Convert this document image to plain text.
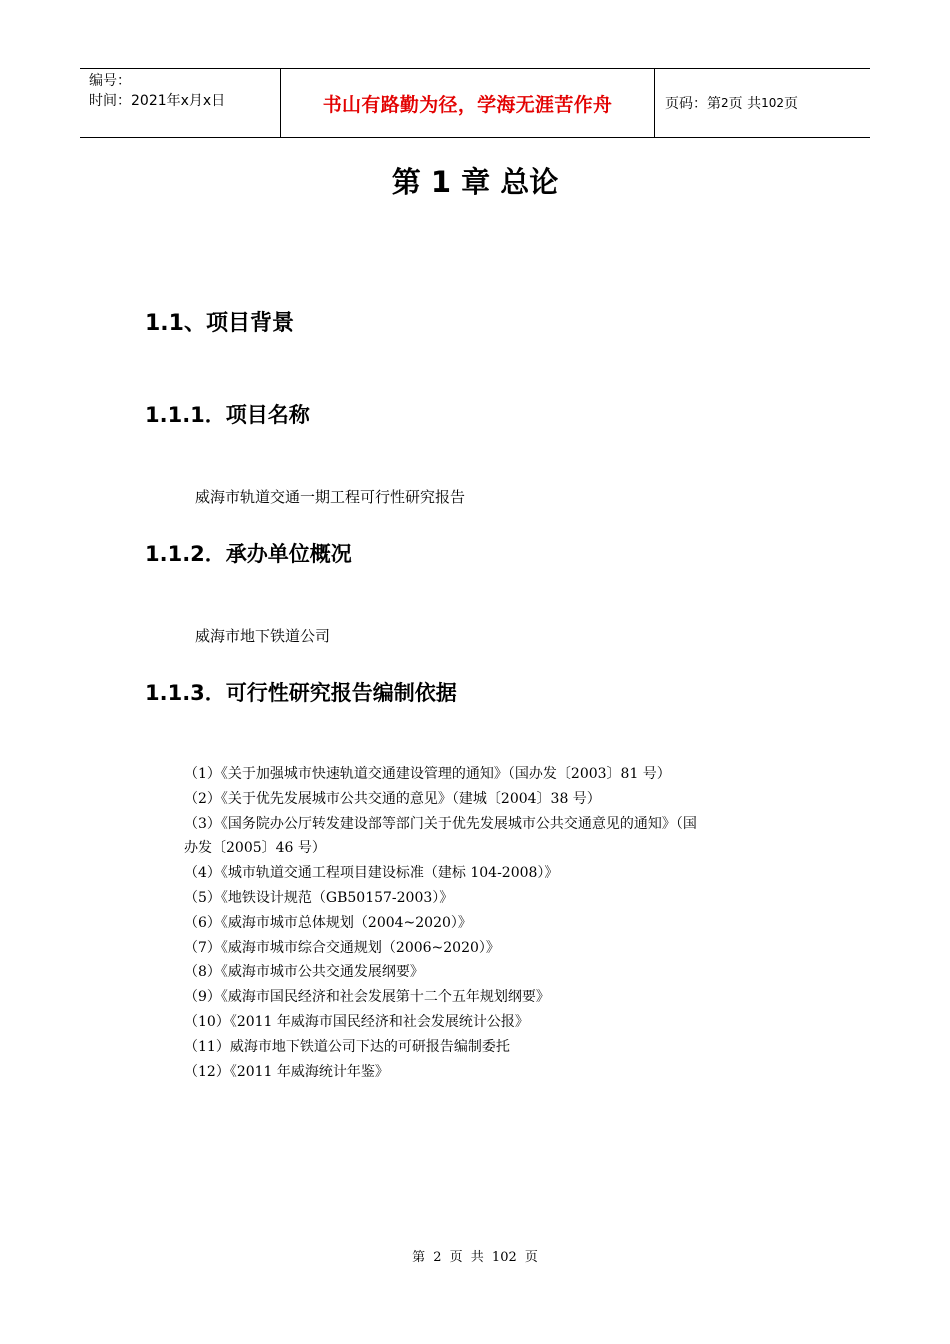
编号：
时间：2021年x月x日	书山有路勤为径，学海无涯苦作舟	页码：第 2 页 共 102 页
第 1 章 总论
1.1、项目背景
1.1.1．项目名称
威海市轨道交通一期工程可行性研究报告
1.1.2．承办单位概况
威海市地下铁道公司
1.1.3．可行性研究报告编制依据
（1）《关于加强城市快速轨道交通建设管理的通知》（国办发〔2003〕81 号）
（2）《关于优先发展城市公共交通的意见》（建城〔2004〕38 号）
（3）《国务院办公厅转发建设部等部门关于优先发展城市公共交通意见的通知》（国
办发〔2005〕46 号）
（4）《城市轨道交通工程项目建设标准（建标 104-2008）》
（5）《地铁设计规范（GB50157-2003）》
（6）《威海市城市总体规划（2004~2020）》
（7）《威海市城市综合交通规划（2006~2020）》
（8）《威海市城市公共交通发展纲要》
（9）《威海市国民经济和社会发展第十二个五年规划纲要》
（10）《2011 年威海市国民经济和社会发展统计公报》
（11）威海市地下铁道公司下达的可研报告编制委托
（12）《2011 年威海统计年鉴》
第 2 页 共 102 页
